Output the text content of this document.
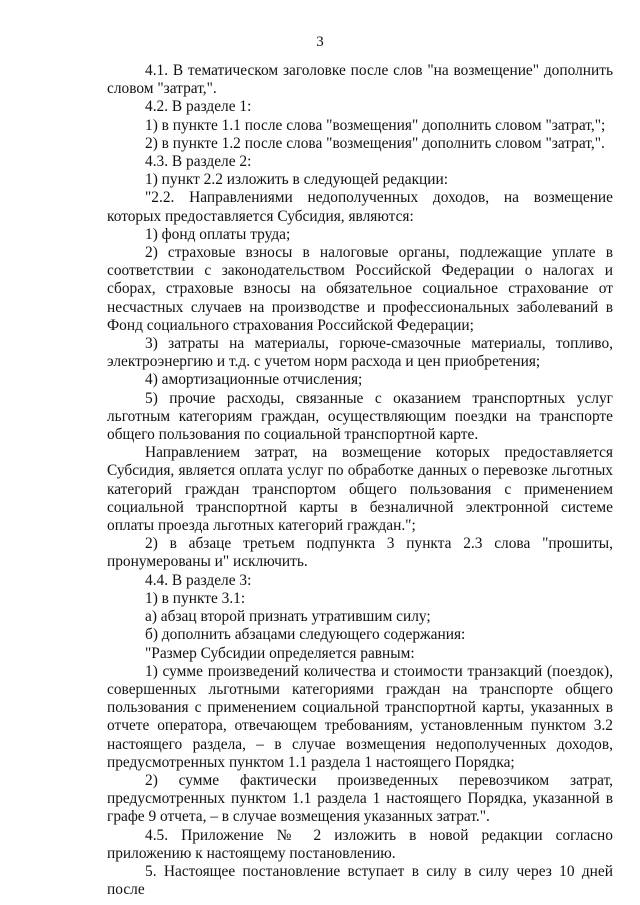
3

4.1. В тематическом заголовке после слов "на возмещение" дополнить словом "затрат,".

4.2. В разделе 1:

1) в пункте 1.1 после слова "возмещения" дополнить словом "затрат,";

2) в пункте 1.2 после слова "возмещения" дополнить словом "затрат,".

4.3. В разделе 2:

1) пункт 2.2 изложить в следующей редакции:

"2.2. Направлениями недополученных доходов, на возмещение которых предоставляется Субсидия, являются:

1) фонд оплаты труда;

2) страховые взносы в налоговые органы, подлежащие уплате в соответствии с законодательством Российской Федерации о налогах и сборах, страховые взносы на обязательное социальное страхование от несчастных случаев на производстве и профессиональных заболеваний в Фонд социального страхования Российской Федерации;

3) затраты на материалы, горюче-смазочные материалы, топливо, электроэнергию и т.д. с учетом норм расхода и цен приобретения;

4) амортизационные отчисления;

5) прочие расходы, связанные с оказанием транспортных услуг льготным категориям граждан, осуществляющим поездки на транспорте общего пользования по социальной транспортной карте.

Направлением затрат, на возмещение которых предоставляется Субсидия, является оплата услуг по обработке данных о перевозке льготных категорий граждан транспортом общего пользования с применением социальной транспортной карты в безналичной электронной системе оплаты проезда льготных категорий граждан.";

2) в абзаце третьем подпункта 3 пункта 2.3 слова "прошиты, пронумерованы и" исключить.

4.4. В разделе 3:

1) в пункте 3.1:

а) абзац второй признать утратившим силу;

б) дополнить абзацами следующего содержания:

"Размер Субсидии определяется равным:

1) сумме произведений количества и стоимости транзакций (поездок), совершенных льготными категориями граждан на транспорте общего пользования с применением социальной транспортной карты, указанных в отчете оператора, отвечающем требованиям, установленным пунктом 3.2 настоящего раздела, – в случае возмещения недополученных доходов, предусмотренных пунктом 1.1 раздела 1 настоящего Порядка;

2) сумме фактически произведенных перевозчиком затрат, предусмотренных пунктом 1.1 раздела 1 настоящего Порядка, указанной в графе 9 отчета, – в случае возмещения указанных затрат.".

4.5. Приложение № 2 изложить в новой редакции согласно приложению к настоящему постановлению.

5. Настоящее постановление вступает в силу в силу через 10 дней после
